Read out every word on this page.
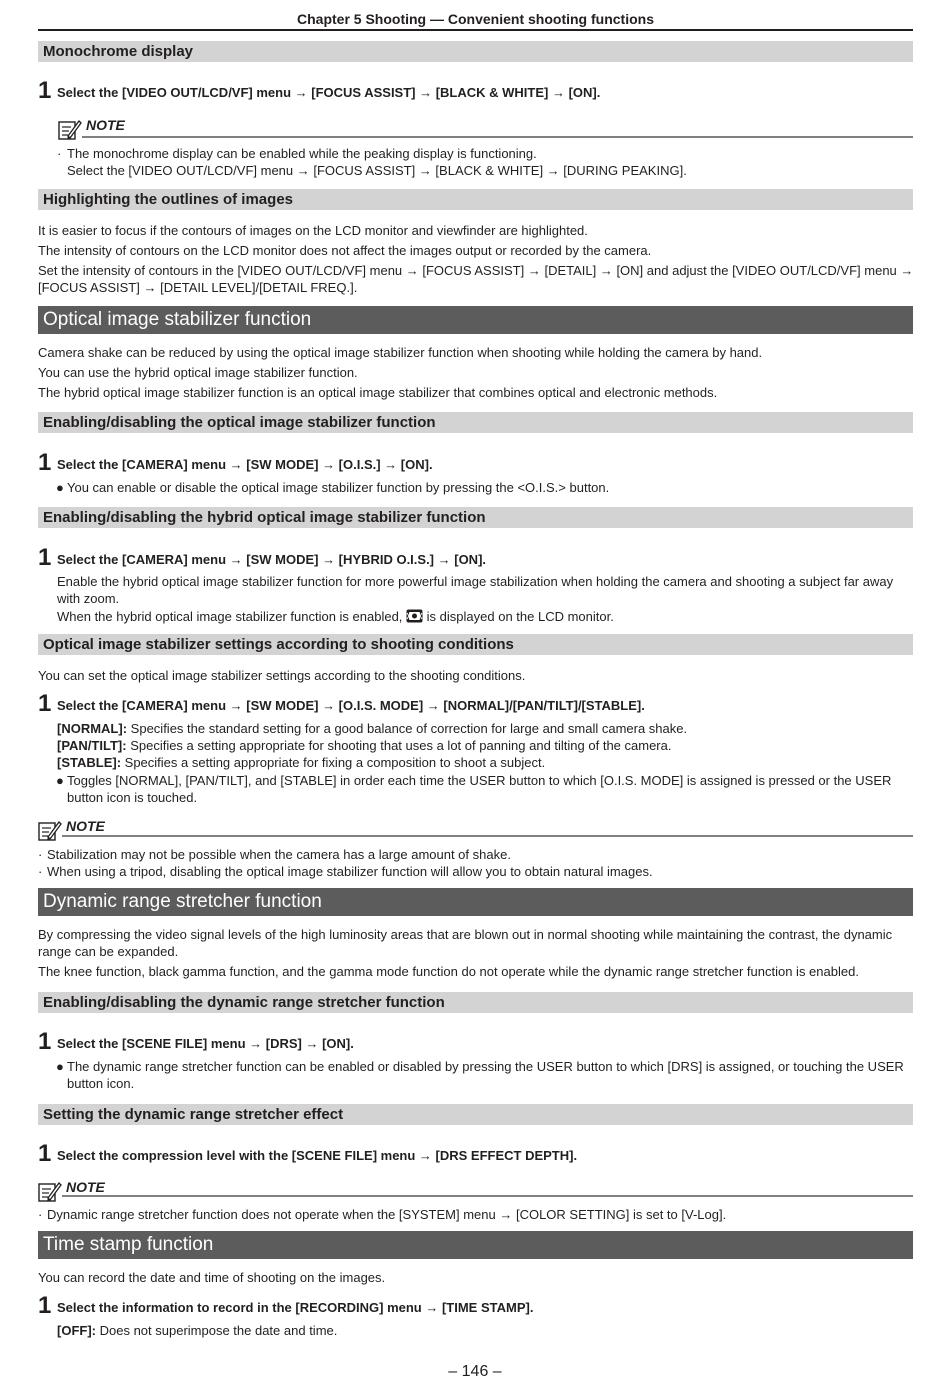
Chapter 5 Shooting — Convenient shooting functions
Monochrome display
1 Select the [VIDEO OUT/LCD/VF] menu → [FOCUS ASSIST] → [BLACK & WHITE] → [ON].
NOTE
· The monochrome display can be enabled while the peaking display is functioning.
Select the [VIDEO OUT/LCD/VF] menu → [FOCUS ASSIST] → [BLACK & WHITE] → [DURING PEAKING].
Highlighting the outlines of images
It is easier to focus if the contours of images on the LCD monitor and viewfinder are highlighted.
The intensity of contours on the LCD monitor does not affect the images output or recorded by the camera.
Set the intensity of contours in the [VIDEO OUT/LCD/VF] menu → [FOCUS ASSIST] → [DETAIL] → [ON] and adjust the [VIDEO OUT/LCD/VF] menu →
[FOCUS ASSIST] → [DETAIL LEVEL]/[DETAIL FREQ.].
Optical image stabilizer function
Camera shake can be reduced by using the optical image stabilizer function when shooting while holding the camera by hand.
You can use the hybrid optical image stabilizer function.
The hybrid optical image stabilizer function is an optical image stabilizer that combines optical and electronic methods.
Enabling/disabling the optical image stabilizer function
1 Select the [CAMERA] menu → [SW MODE] → [O.I.S.] → [ON].
● You can enable or disable the optical image stabilizer function by pressing the <O.I.S.> button.
Enabling/disabling the hybrid optical image stabilizer function
1 Select the [CAMERA] menu → [SW MODE] → [HYBRID O.I.S.] → [ON].
Enable the hybrid optical image stabilizer function for more powerful image stabilization when holding the camera and shooting a subject far away
with zoom.
When the hybrid optical image stabilizer function is enabled, is displayed on the LCD monitor.
Optical image stabilizer settings according to shooting conditions
You can set the optical image stabilizer settings according to the shooting conditions.
1 Select the [CAMERA] menu → [SW MODE] → [O.I.S. MODE] → [NORMAL]/[PAN/TILT]/[STABLE].
[NORMAL]: Specifies the standard setting for a good balance of correction for large and small camera shake.
[PAN/TILT]: Specifies a setting appropriate for shooting that uses a lot of panning and tilting of the camera.
[STABLE]: Specifies a setting appropriate for fixing a composition to shoot a subject.
● Toggles [NORMAL], [PAN/TILT], and [STABLE] in order each time the USER button to which [O.I.S. MODE] is assigned is pressed or the USER
button icon is touched.
NOTE
· Stabilization may not be possible when the camera has a large amount of shake.
· When using a tripod, disabling the optical image stabilizer function will allow you to obtain natural images.
Dynamic range stretcher function
By compressing the video signal levels of the high luminosity areas that are blown out in normal shooting while maintaining the contrast, the dynamic
range can be expanded.
The knee function, black gamma function, and the gamma mode function do not operate while the dynamic range stretcher function is enabled.
Enabling/disabling the dynamic range stretcher function
1 Select the [SCENE FILE] menu → [DRS] → [ON].
● The dynamic range stretcher function can be enabled or disabled by pressing the USER button to which [DRS] is assigned, or touching the USER
button icon.
Setting the dynamic range stretcher effect
1 Select the compression level with the [SCENE FILE] menu → [DRS EFFECT DEPTH].
NOTE
· Dynamic range stretcher function does not operate when the [SYSTEM] menu → [COLOR SETTING] is set to [V-Log].
Time stamp function
You can record the date and time of shooting on the images.
1 Select the information to record in the [RECORDING] menu → [TIME STAMP].
[OFF]: Does not superimpose the date and time.
– 146 –
